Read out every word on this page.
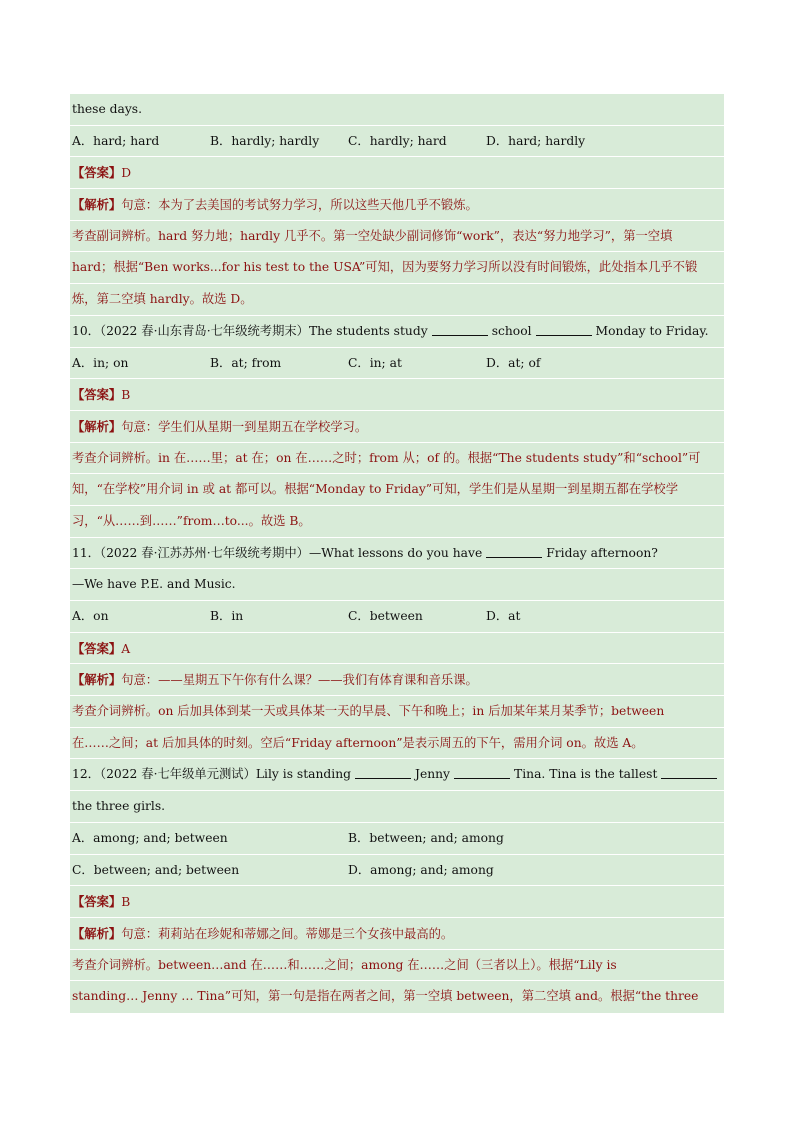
these days.
A．hard; hard	B．hardly; hardly	C．hardly; hard	D．hard; hardly
【答案】D
【解析】句意：本为了去美国的考试努力学习，所以这些天他几乎不锻炼。
考查副词辨析。hard 努力地；hardly 几乎不。第一空处缺少副词修饰“work”，表达“努力地学习”，第一空填
hard；根据“Ben works...for his test to the USA”可知，因为要努力学习所以没有时间锻炼，此处指本几乎不锻
炼，第二空填 hardly。故选 D。
10．（2022 春·山东青岛·七年级统考期末）The students study	school	Monday to Friday.
A．in; on	B．at; from	C．in; at	D．at; of
【答案】B
【解析】句意：学生们从星期一到星期五在学校学习。
考查介词辨析。in 在……里；at 在；on 在……之时；from 从；of 的。根据“The students study”和“school”可
知，“在学校”用介词 in 或 at 都可以。根据“Monday to Friday”可知，学生们是从星期一到星期五都在学校学
习，“从……到……”from…to...。故选 B。
11．（2022 春·江苏苏州·七年级统考期中）—What lessons do you have	Friday afternoon?
—We have P.E. and Music.
A．on	B．in	C．between	D．at
【答案】A
【解析】句意：——星期五下午你有什么课？——我们有体育课和音乐课。
考查介词辨析。on 后加具体到某一天或具体某一天的早晨、下午和晚上；in 后加某年某月某季节；between
在……之间；at 后加具体的时刻。空后“Friday afternoon”是表示周五的下午，需用介词 on。故选 A。
12．（2022 春·七年级单元测试）Lily is standing	Jenny	Tina. Tina is the tallest
the three girls.
A．among; and; between	B．between; and; among
C．between; and; between	D．among; and; among
【答案】B
【解析】句意：莉莉站在珍妮和蒂娜之间。蒂娜是三个女孩中最高的。
考查介词辨析。between…and 在……和……之间；among 在……之间（三者以上）。根据“Lily is
standing… Jenny … Tina”可知，第一句是指在两者之间，第一空填 between，第二空填 and。根据“the three
